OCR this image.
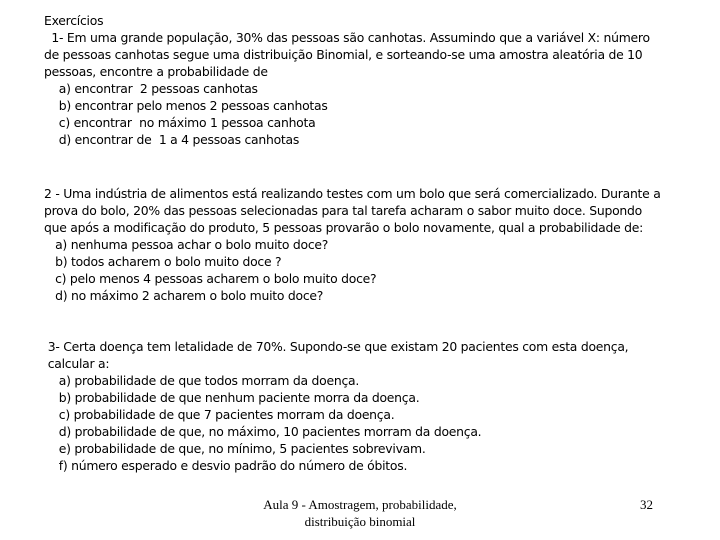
Exercícios
1- Em uma grande população, 30% das pessoas são canhotas. Assumindo que a variável X: número
de pessoas canhotas segue uma distribuição Binomial, e sorteando-se uma amostra aleatória de 10
pessoas, encontre a probabilidade de
a) encontrar  2 pessoas canhotas
b) encontrar pelo menos 2 pessoas canhotas
c) encontrar  no máximo 1 pessoa canhota
d) encontrar de  1 a 4 pessoas canhotas
2 - Uma indústria de alimentos está realizando testes com um bolo que será comercializado. Durante a
prova do bolo, 20% das pessoas selecionadas para tal tarefa acharam o sabor muito doce. Supondo
que após a modificação do produto, 5 pessoas provarão o bolo novamente, qual a probabilidade de:
a) nenhuma pessoa achar o bolo muito doce?
b) todos acharem o bolo muito doce ?
c) pelo menos 4 pessoas acharem o bolo muito doce?
d) no máximo 2 acharem o bolo muito doce?
3- Certa doença tem letalidade de 70%. Supondo-se que existam 20 pacientes com esta doença,
calcular a:
a) probabilidade de que todos morram da doença.
b) probabilidade de que nenhum paciente morra da doença.
c) probabilidade de que 7 pacientes morram da doença.
d) probabilidade de que, no máximo, 10 pacientes morram da doença.
e) probabilidade de que, no mínimo, 5 pacientes sobrevivam.
f) número esperado e desvio padrão do número de óbitos.
Aula 9 - Amostragem, probabilidade,
distribuição binomial
32
